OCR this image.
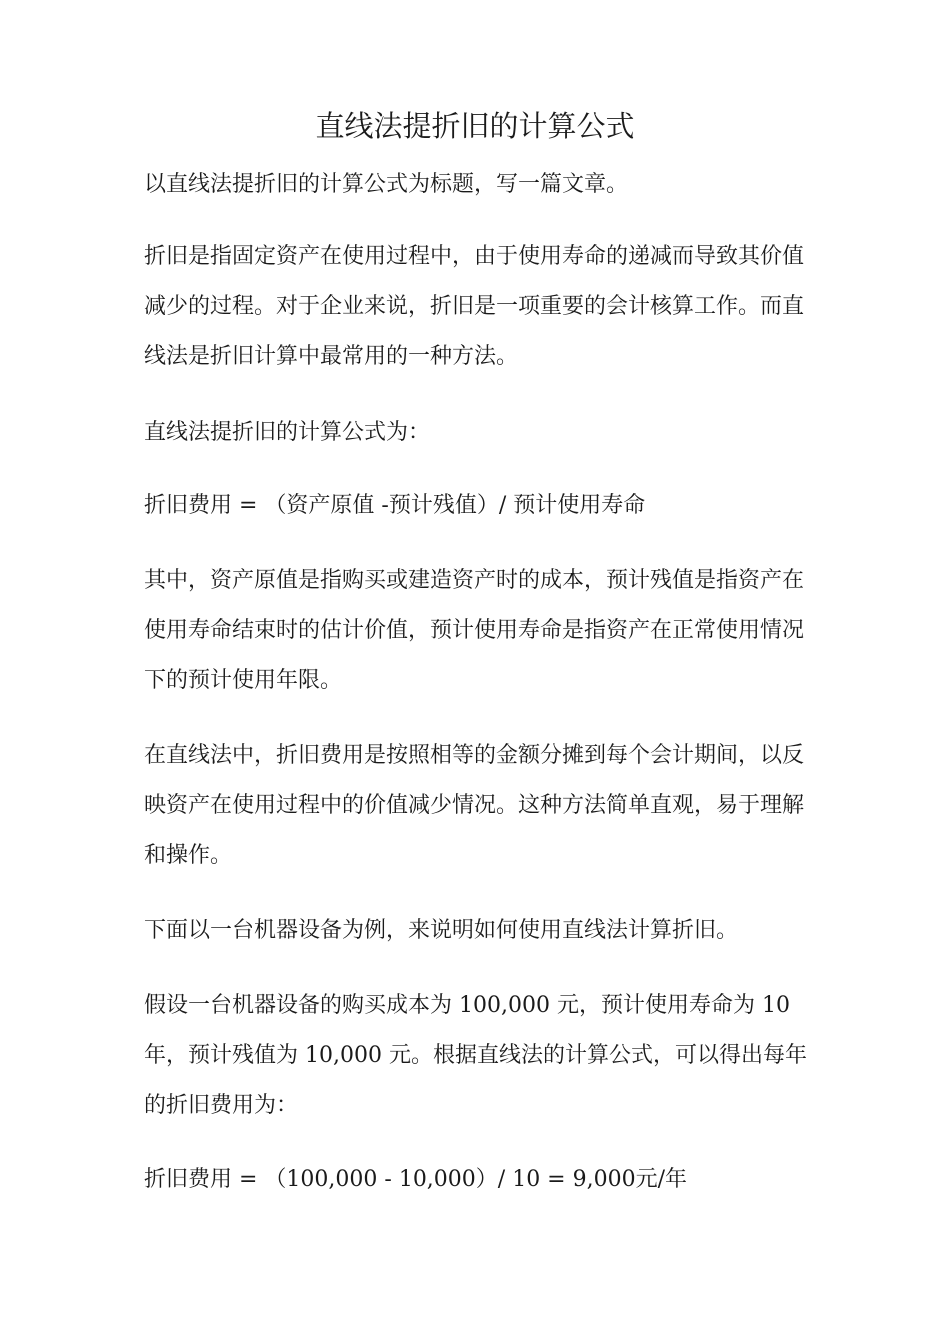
直线法提折旧的计算公式

以直线法提折旧的计算公式为标题，写一篇文章。

折旧是指固定资产在使用过程中，由于使用寿命的递减而导致其价值减少的过程。对于企业来说，折旧是一项重要的会计核算工作。而直线法是折旧计算中最常用的一种方法。

直线法提折旧的计算公式为：

折旧费用 = （资产原值 -预计残值）/ 预计使用寿命

其中，资产原值是指购买或建造资产时的成本，预计残值是指资产在使用寿命结束时的估计价值，预计使用寿命是指资产在正常使用情况下的预计使用年限。

在直线法中，折旧费用是按照相等的金额分摊到每个会计期间，以反映资产在使用过程中的价值减少情况。这种方法简单直观，易于理解和操作。

下面以一台机器设备为例，来说明如何使用直线法计算折旧。

假设一台机器设备的购买成本为 100,000 元，预计使用寿命为 10 年，预计残值为 10,000 元。根据直线法的计算公式，可以得出每年的折旧费用为：

折旧费用 = （100,000 - 10,000）/ 10 = 9,000元/年
